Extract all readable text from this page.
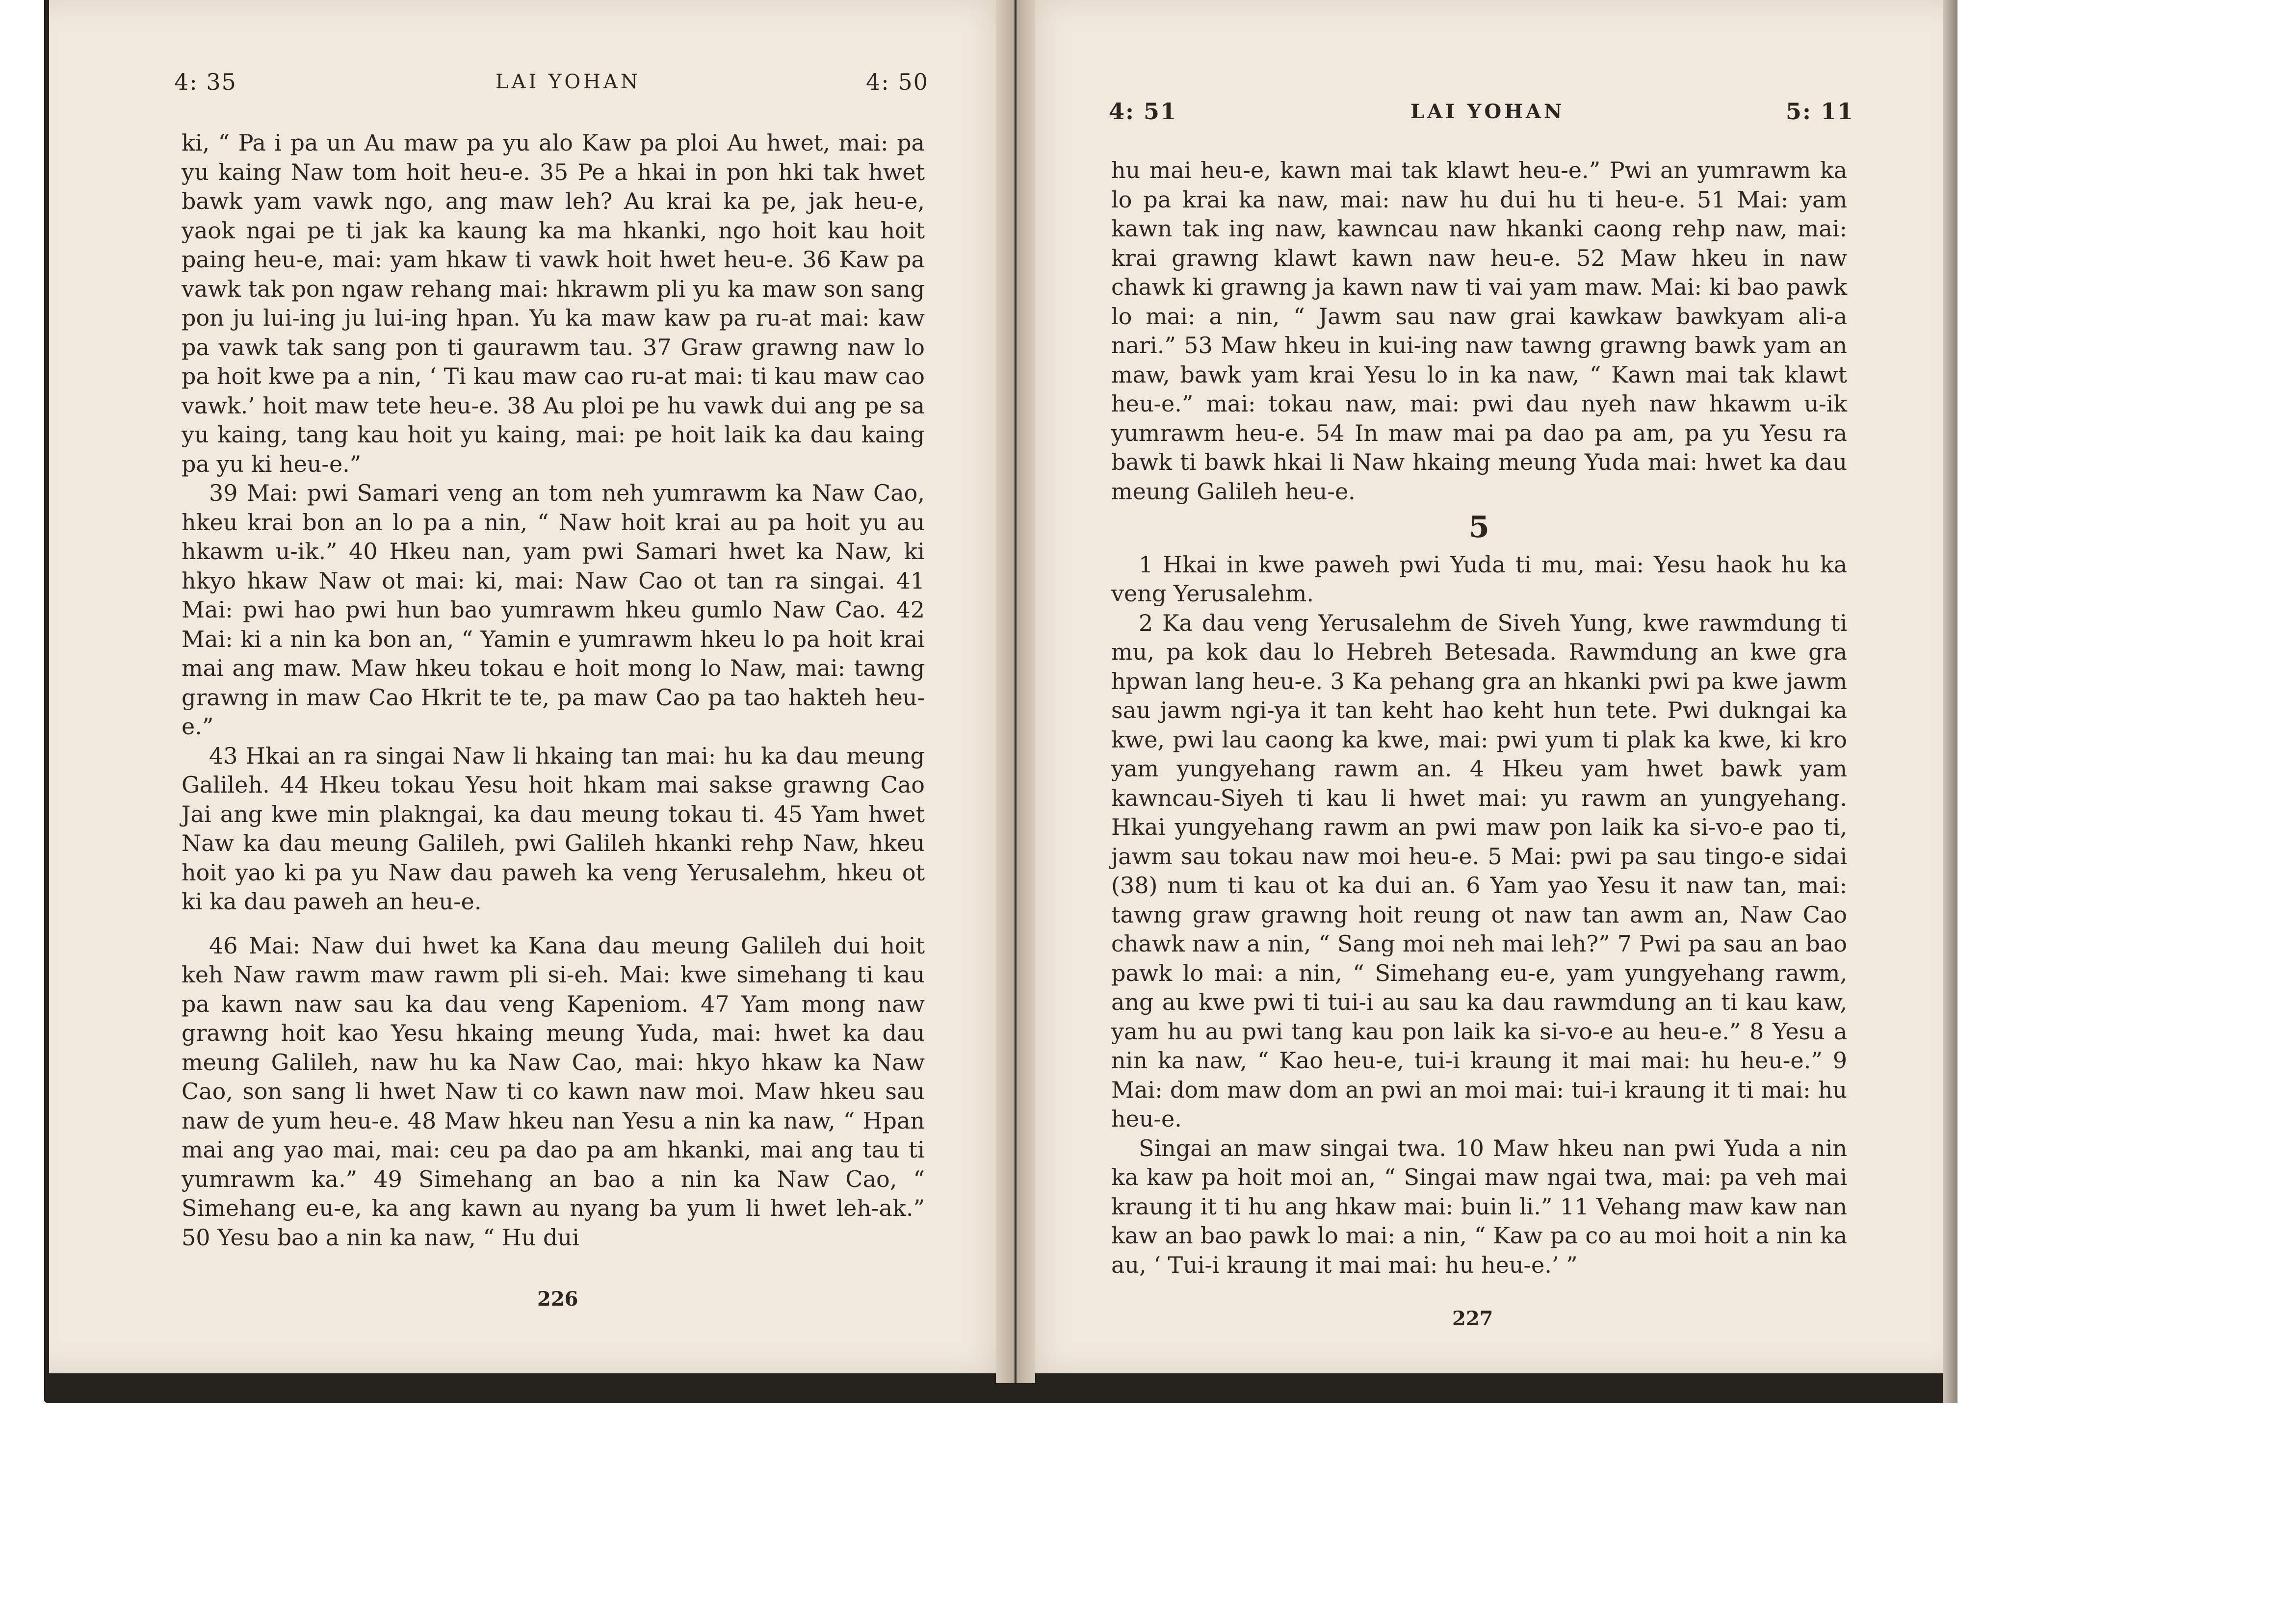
4: 35	LAI YOHAN	4: 50

ki, “ Pa i pa un Au maw pa yu alo Kaw pa ploi Au hwet, mai: pa yu kaing Naw tom hoit heu-e. 35 Pe a hkai in pon hki tak hwet bawk yam vawk ngo, ang maw leh? Au krai ka pe, jak heu-e, yaok ngai pe ti jak ka kaung ka ma hkanki, ngo hoit kau hoit paing heu-e, mai: yam hkaw ti vawk hoit hwet heu-e. 36 Kaw pa vawk tak pon ngaw rehang mai: hkrawm pli yu ka maw son sang pon ju lui-ing ju lui-ing hpan. Yu ka maw kaw pa ru-at mai: kaw pa vawk tak sang pon ti gaurawm tau. 37 Graw grawng naw lo pa hoit kwe pa a nin, ‘ Ti kau maw cao ru-at mai: ti kau maw cao vawk.’ hoit maw tete heu-e. 38 Au ploi pe hu vawk dui ang pe sa yu kaing, tang kau hoit yu kaing, mai: pe hoit laik ka dau kaing pa yu ki heu-e.”

39 Mai: pwi Samari veng an tom neh yumrawm ka Naw Cao, hkeu krai bon an lo pa a nin, “ Naw hoit krai au pa hoit yu au hkawm u-ik.” 40 Hkeu nan, yam pwi Samari hwet ka Naw, ki hkyo hkaw Naw ot mai: ki, mai: Naw Cao ot tan ra singai. 41 Mai: pwi hao pwi hun bao yumrawm hkeu gumlo Naw Cao. 42 Mai: ki a nin ka bon an, “ Yamin e yumrawm hkeu lo pa hoit krai mai ang maw. Maw hkeu tokau e hoit mong lo Naw, mai: tawng grawng in maw Cao Hkrit te te, pa maw Cao pa tao hakteh heu-e.”

43 Hkai an ra singai Naw li hkaing tan mai: hu ka dau meung Galileh. 44 Hkeu tokau Yesu hoit hkam mai sakse grawng Cao Jai ang kwe min plakngai, ka dau meung tokau ti. 45 Yam hwet Naw ka dau meung Galileh, pwi Galileh hkanki rehp Naw, hkeu hoit yao ki pa yu Naw dau paweh ka veng Yerusalehm, hkeu ot ki ka dau paweh an heu-e.

46 Mai: Naw dui hwet ka Kana dau meung Galileh dui hoit keh Naw rawm maw rawm pli si-eh. Mai: kwe simehang ti kau pa kawn naw sau ka dau veng Kapeniom. 47 Yam mong naw grawng hoit kao Yesu hkaing meung Yuda, mai: hwet ka dau meung Galileh, naw hu ka Naw Cao, mai: hkyo hkaw ka Naw Cao, son sang li hwet Naw ti co kawn naw moi. Maw hkeu sau naw de yum heu-e. 48 Maw hkeu nan Yesu a nin ka naw, “ Hpan mai ang yao mai, mai: ceu pa dao pa am hkanki, mai ang tau ti yumrawm ka.” 49 Simehang an bao a nin ka Naw Cao, “ Simehang eu-e, ka ang kawn au nyang ba yum li hwet leh-ak.” 50 Yesu bao a nin ka naw, “ Hu dui

226
4: 51	LAI YOHAN	5: 11

hu mai heu-e, kawn mai tak klawt heu-e.” Pwi an yumrawm ka lo pa krai ka naw, mai: naw hu dui hu ti heu-e. 51 Mai: yam kawn tak ing naw, kawncau naw hkanki caong rehp naw, mai: krai grawng klawt kawn naw heu-e. 52 Maw hkeu in naw chawk ki grawng ja kawn naw ti vai yam maw. Mai: ki bao pawk lo mai: a nin, “ Jawm sau naw grai kawkaw bawkyam ali-a nari.” 53 Maw hkeu in kui-ing naw tawng grawng bawk yam an maw, bawk yam krai Yesu lo in ka naw, “ Kawn mai tak klawt heu-e.” mai: tokau naw, mai: pwi dau nyeh naw hkawm u-ik yumrawm heu-e. 54 In maw mai pa dao pa am, pa yu Yesu ra bawk ti bawk hkai li Naw hkaing meung Yuda mai: hwet ka dau meung Galileh heu-e.

5

1 Hkai in kwe paweh pwi Yuda ti mu, mai: Yesu haok hu ka veng Yerusalehm.

2 Ka dau veng Yerusalehm de Siveh Yung, kwe rawmdung ti mu, pa kok dau lo Hebreh Betesada. Rawmdung an kwe gra hpwan lang heu-e. 3 Ka pehang gra an hkanki pwi pa kwe jawm sau jawm ngi-ya it tan keht hao keht hun tete. Pwi dukngai ka kwe, pwi lau caong ka kwe, mai: pwi yum ti plak ka kwe, ki kro yam yungyehang rawm an. 4 Hkeu yam hwet bawk yam kawncau-Siyeh ti kau li hwet mai: yu rawm an yungyehang. Hkai yungyehang rawm an pwi maw pon laik ka si-vo-e pao ti, jawm sau tokau naw moi heu-e. 5 Mai: pwi pa sau tingo-e sidai (38) num ti kau ot ka dui an. 6 Yam yao Yesu it naw tan, mai: tawng graw grawng hoit reung ot naw tan awm an, Naw Cao chawk naw a nin, “ Sang moi neh mai leh?” 7 Pwi pa sau an bao pawk lo mai: a nin, “ Simehang eu-e, yam yungyehang rawm, ang au kwe pwi ti tui-i au sau ka dau rawmdung an ti kau kaw, yam hu au pwi tang kau pon laik ka si-vo-e au heu-e.” 8 Yesu a nin ka naw, “ Kao heu-e, tui-i kraung it mai mai: hu heu-e.” 9 Mai: dom maw dom an pwi an moi mai: tui-i kraung it ti mai: hu heu-e.

Singai an maw singai twa. 10 Maw hkeu nan pwi Yuda a nin ka kaw pa hoit moi an, “ Singai maw ngai twa, mai: pa veh mai kraung it ti hu ang hkaw mai: buin li.” 11 Vehang maw kaw nan kaw an bao pawk lo mai: a nin, “ Kaw pa co au moi hoit a nin ka au, ‘ Tui-i kraung it mai mai: hu heu-e.’ ”

227
